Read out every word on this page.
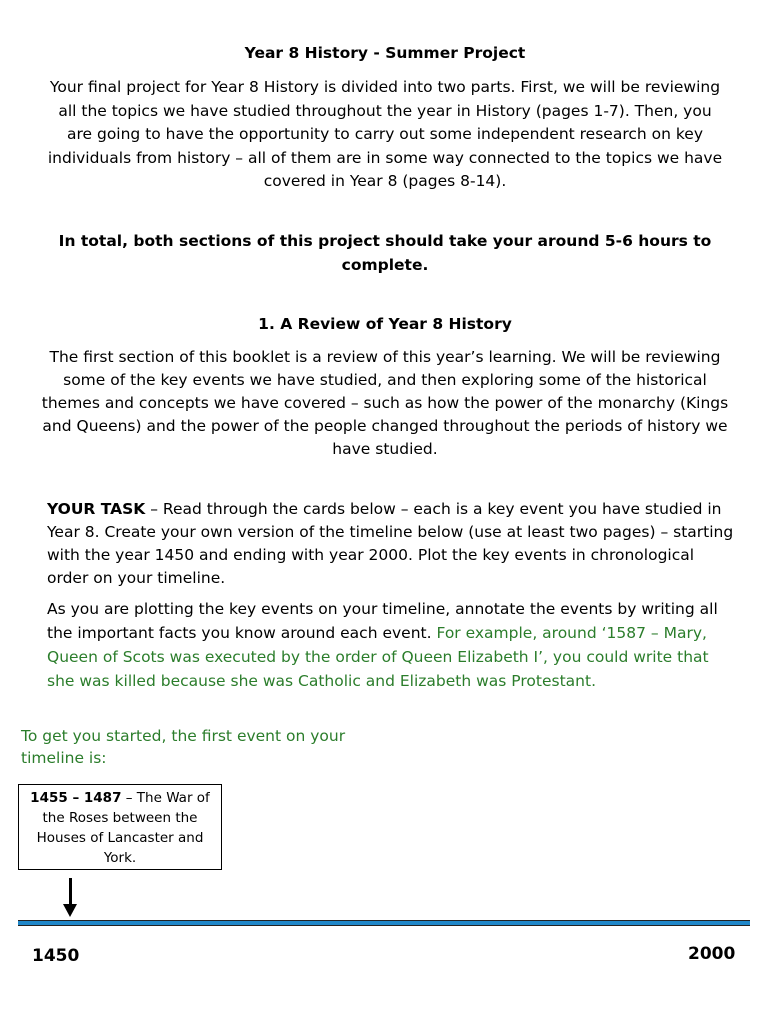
Year 8 History - Summer Project

Your final project for Year 8 History is divided into two parts. First, we will be reviewing all the topics we have studied throughout the year in History (pages 1-7). Then, you are going to have the opportunity to carry out some independent research on key individuals from history – all of them are in some way connected to the topics we have covered in Year 8 (pages 8-14).

In total, both sections of this project should take your around 5-6 hours to complete.

1. A Review of Year 8 History

The first section of this booklet is a review of this year’s learning. We will be reviewing some of the key events we have studied, and then exploring some of the historical themes and concepts we have covered – such as how the power of the monarchy (Kings and Queens) and the power of the people changed throughout the periods of history we have studied.

YOUR TASK – Read through the cards below – each is a key event you have studied in Year 8. Create your own version of the timeline below (use at least two pages) – starting with the year 1450 and ending with year 2000. Plot the key events in chronological order on your timeline.

As you are plotting the key events on your timeline, annotate the events by writing all the important facts you know around each event. For example, around ‘1587 – Mary, Queen of Scots was executed by the order of Queen Elizabeth I’, you could write that she was killed because she was Catholic and Elizabeth was Protestant.

To get you started, the first event on your timeline is:

1455 – 1487 – The War of the Roses between the Houses of Lancaster and York.
1450	2000
